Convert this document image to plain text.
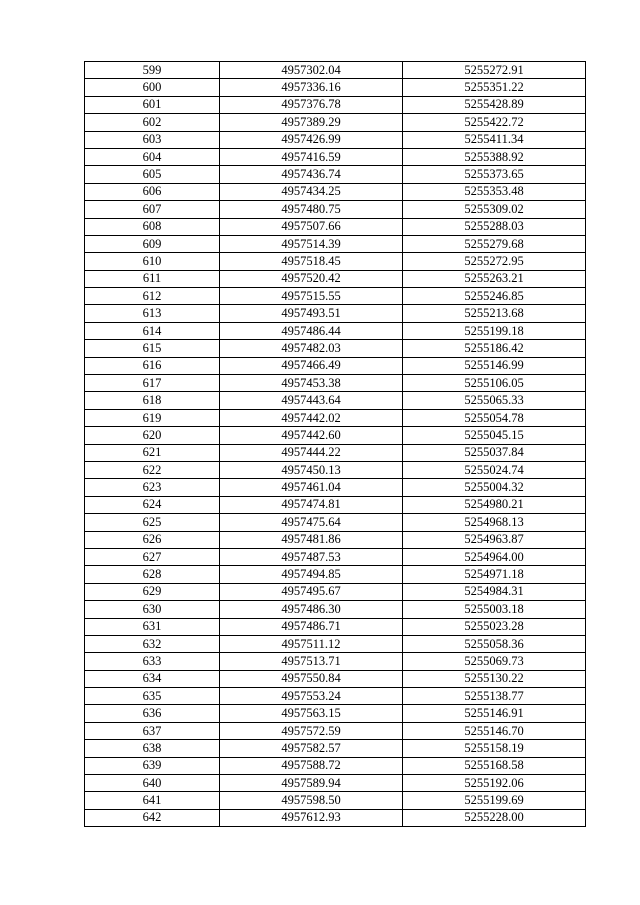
599	4957302.04	5255272.91
600	4957336.16	5255351.22
601	4957376.78	5255428.89
602	4957389.29	5255422.72
603	4957426.99	5255411.34
604	4957416.59	5255388.92
605	4957436.74	5255373.65
606	4957434.25	5255353.48
607	4957480.75	5255309.02
608	4957507.66	5255288.03
609	4957514.39	5255279.68
610	4957518.45	5255272.95
611	4957520.42	5255263.21
612	4957515.55	5255246.85
613	4957493.51	5255213.68
614	4957486.44	5255199.18
615	4957482.03	5255186.42
616	4957466.49	5255146.99
617	4957453.38	5255106.05
618	4957443.64	5255065.33
619	4957442.02	5255054.78
620	4957442.60	5255045.15
621	4957444.22	5255037.84
622	4957450.13	5255024.74
623	4957461.04	5255004.32
624	4957474.81	5254980.21
625	4957475.64	5254968.13
626	4957481.86	5254963.87
627	4957487.53	5254964.00
628	4957494.85	5254971.18
629	4957495.67	5254984.31
630	4957486.30	5255003.18
631	4957486.71	5255023.28
632	4957511.12	5255058.36
633	4957513.71	5255069.73
634	4957550.84	5255130.22
635	4957553.24	5255138.77
636	4957563.15	5255146.91
637	4957572.59	5255146.70
638	4957582.57	5255158.19
639	4957588.72	5255168.58
640	4957589.94	5255192.06
641	4957598.50	5255199.69
642	4957612.93	5255228.00
